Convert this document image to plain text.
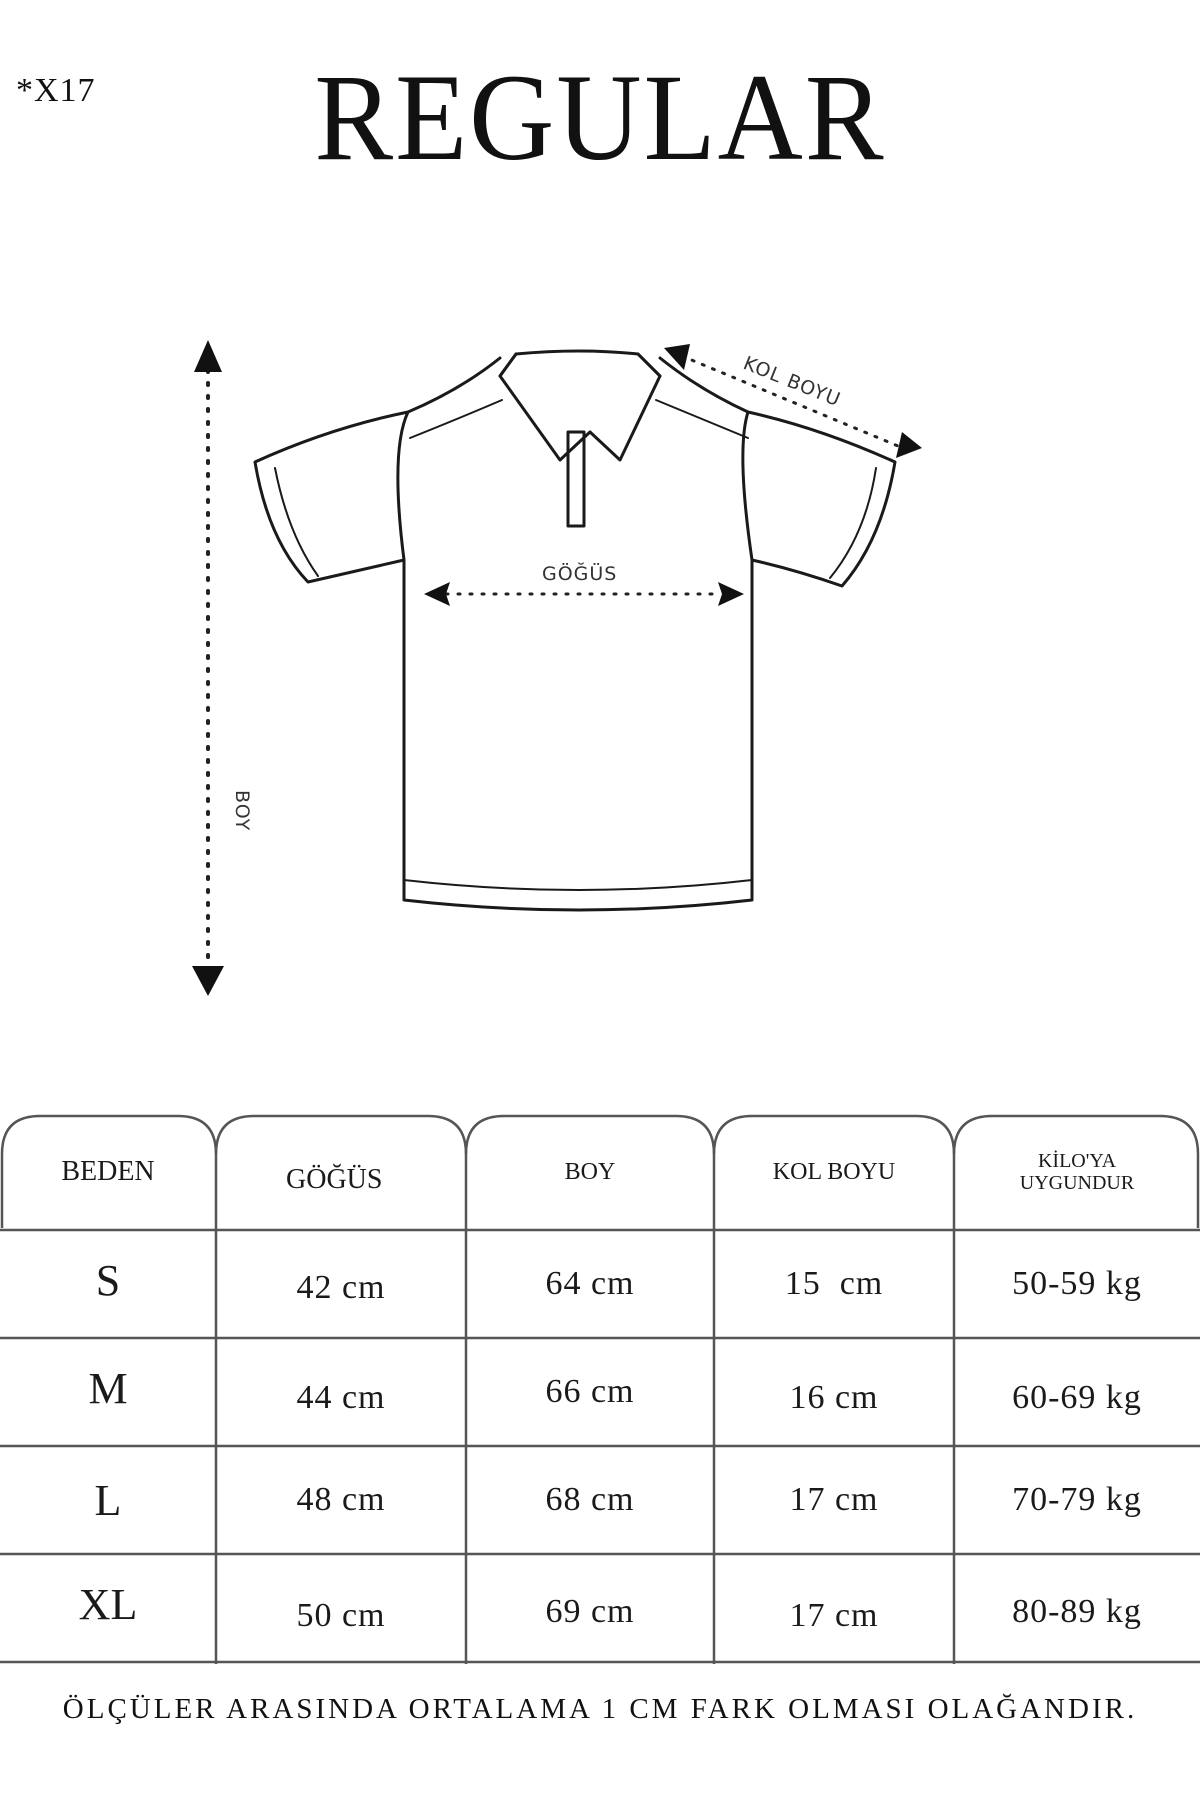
*X17	REGULAR
KOL BOYU
GÖĞÜS
BOY
BEDEN	GÖĞÜS	BOY	KOL BOYU	KİLO'YA
UYGUNDUR
S	42 cm	64 cm	15  cm	50-59 kg
M	44 cm	66 cm	16 cm	60-69 kg
L	48 cm	68 cm	17 cm	70-79 kg
XL	50 cm	69 cm	17 cm	80-89 kg
ÖLÇÜLER ARASINDA ORTALAMA 1 CM FARK OLMASI OLAĞANDIR.
